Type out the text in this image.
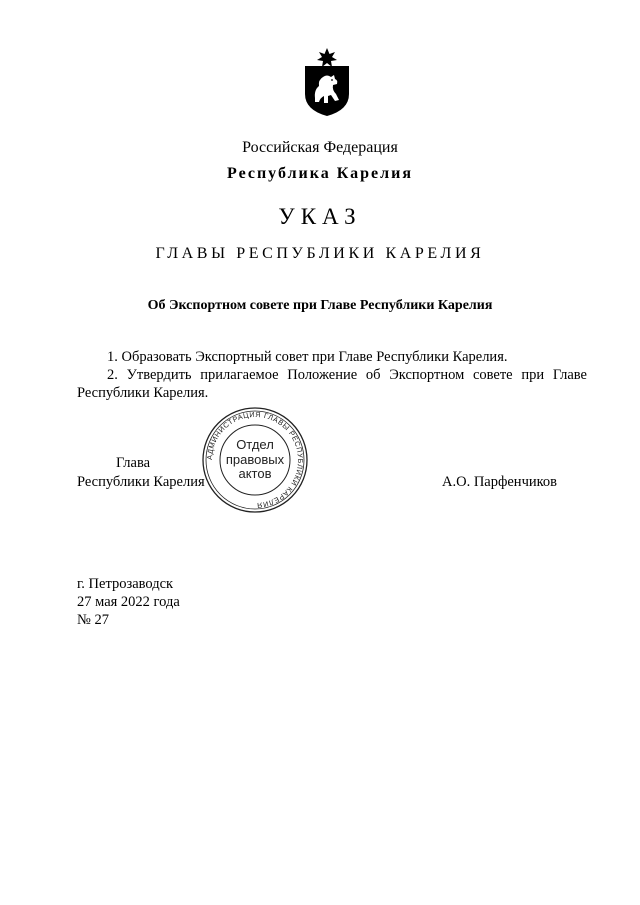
Российская Федерация
Республика Карелия
УКАЗ
ГЛАВЫ РЕСПУБЛИКИ КАРЕЛИЯ
Об Экспортном совете при Главе Республики Карелия

1. Образовать Экспортный совет при Главе Республики Карелия.

2. Утвердить прилагаемое Положение об Экспортном совете при Главе Республики Карелия.

Глава
Республики Карелия	А.О. Парфенчиков
АДМИНИСТРАЦИЯ ГЛАВЫ РЕСПУБЛИКИ КАРЕЛИЯ
Отдел
правовых
актов
г. Петрозаводск
27 мая 2022 года
№ 27
